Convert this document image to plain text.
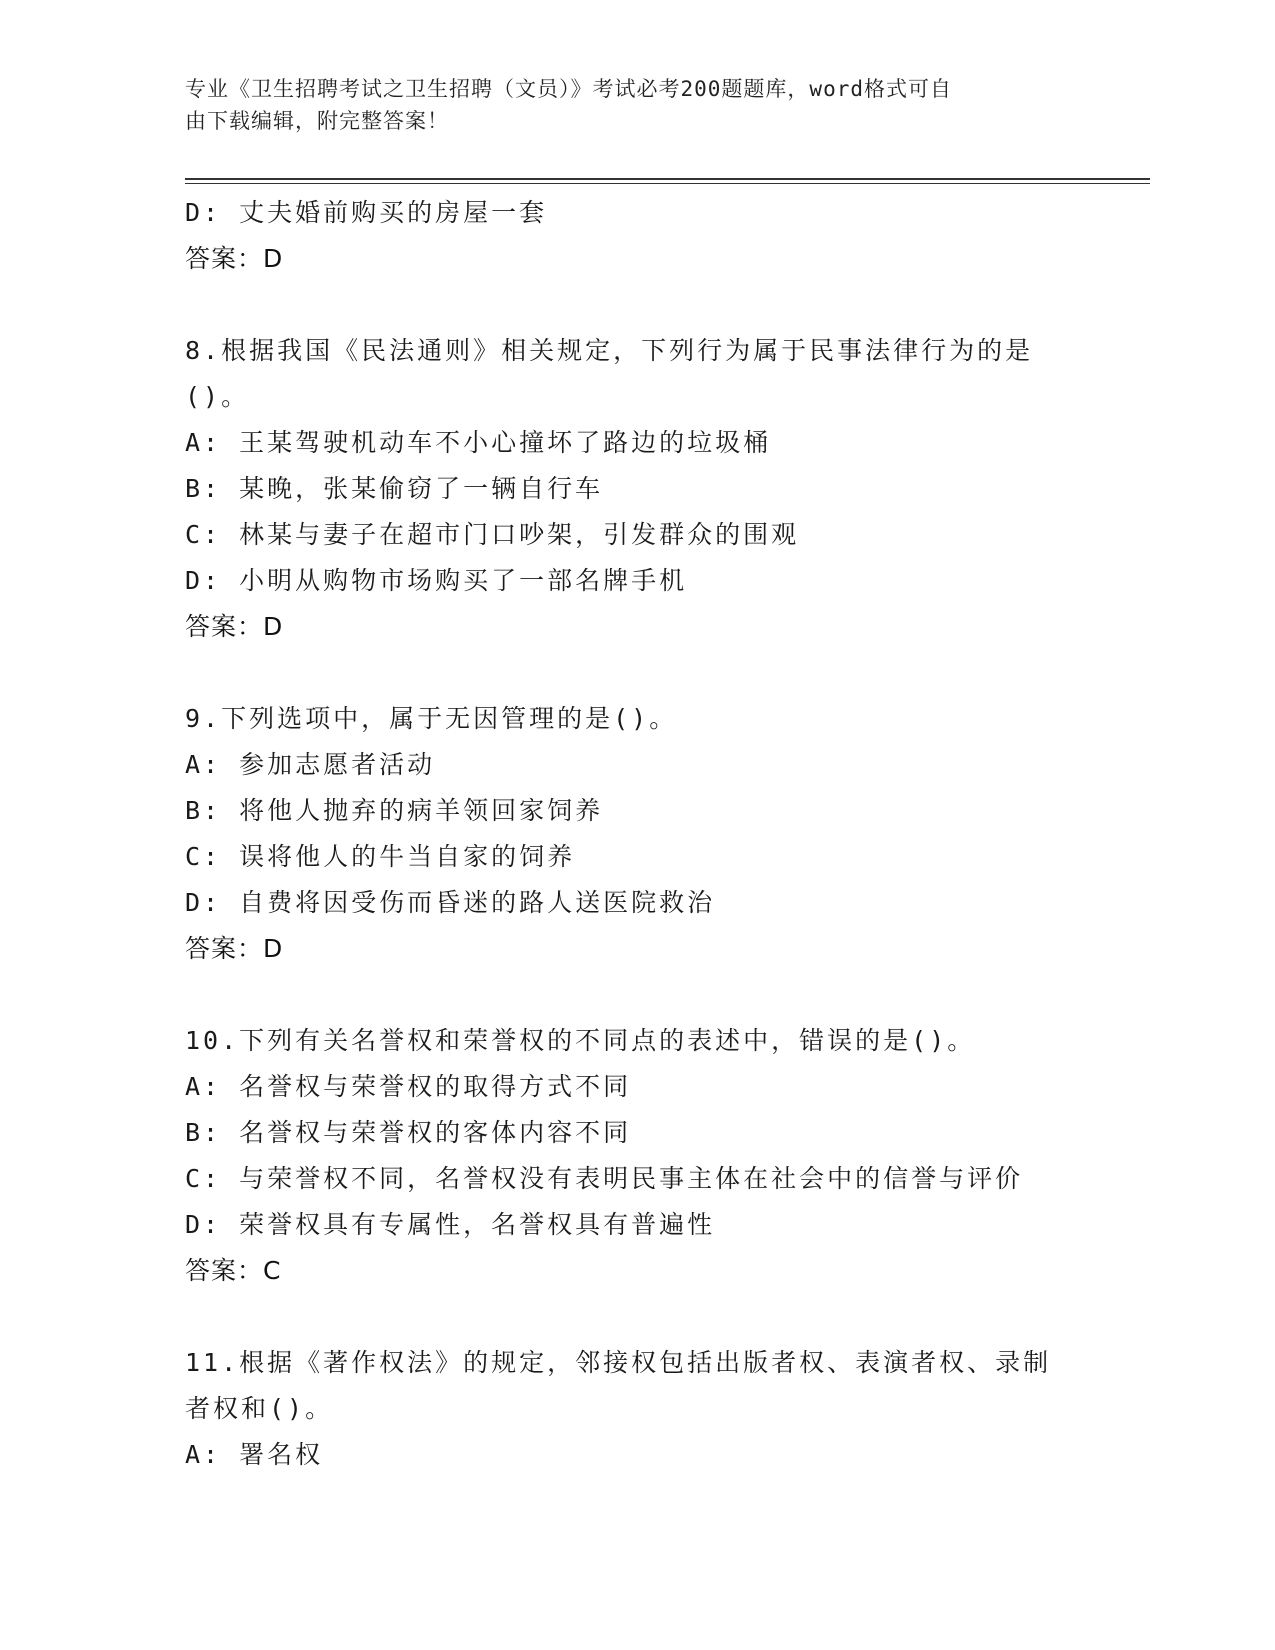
专业《卫生招聘考试之卫生招聘（文员）》考试必考200题题库，word格式可自
由下载编辑，附完整答案！
D: 丈夫婚前购买的房屋一套
答案：D
8.根据我国《民法通则》相关规定，下列行为属于民事法律行为的是
()。
A: 王某驾驶机动车不小心撞坏了路边的垃圾桶
B: 某晚，张某偷窃了一辆自行车
C: 林某与妻子在超市门口吵架，引发群众的围观
D: 小明从购物市场购买了一部名牌手机
答案：D
9.下列选项中，属于无因管理的是()。
A: 参加志愿者活动
B: 将他人抛弃的病羊领回家饲养
C: 误将他人的牛当自家的饲养
D: 自费将因受伤而昏迷的路人送医院救治
答案：D
10.下列有关名誉权和荣誉权的不同点的表述中，错误的是()。
A: 名誉权与荣誉权的取得方式不同
B: 名誉权与荣誉权的客体内容不同
C: 与荣誉权不同，名誉权没有表明民事主体在社会中的信誉与评价
D: 荣誉权具有专属性，名誉权具有普遍性
答案：C
11.根据《著作权法》的规定，邻接权包括出版者权、表演者权、录制
者权和()。
A: 署名权
